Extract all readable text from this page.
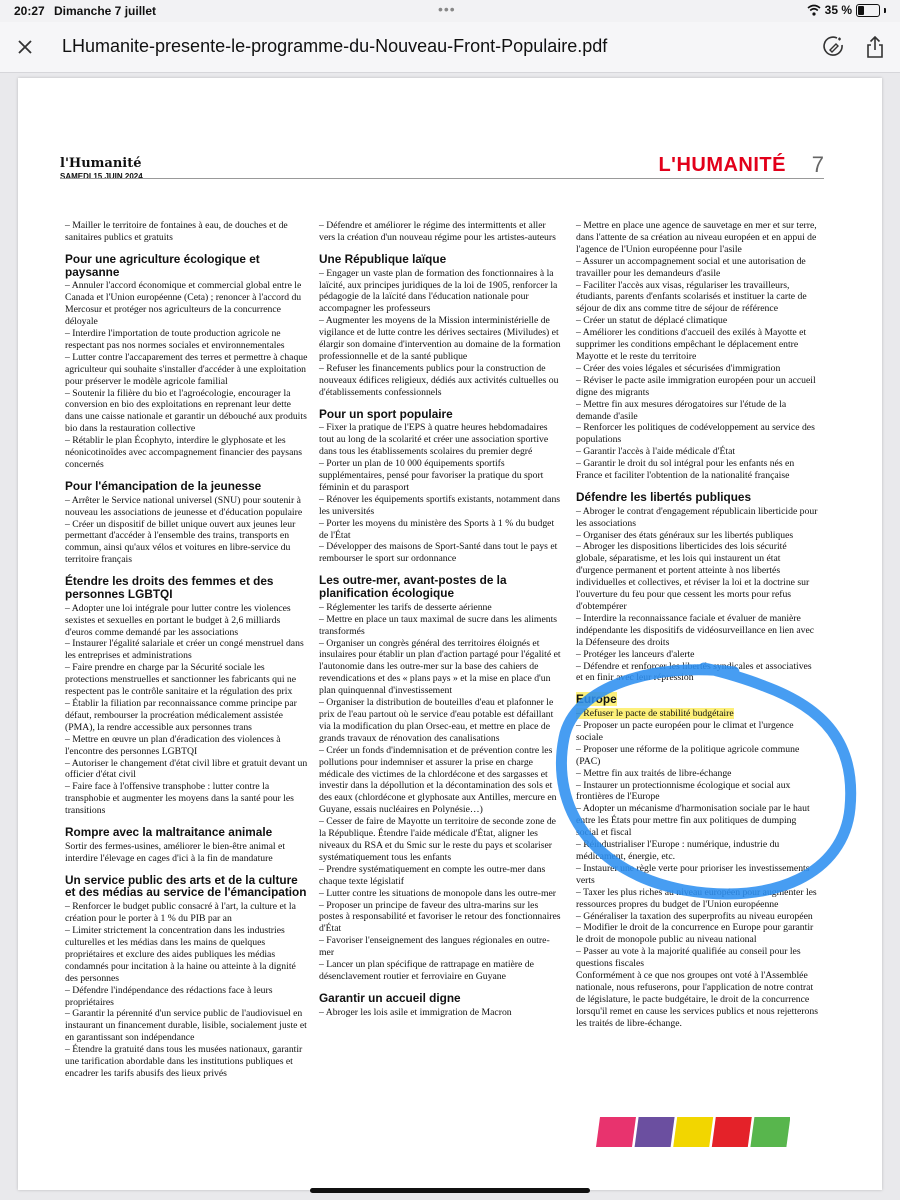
20:27 Dimanche 7 juillet	•••	35 %
LHumanite-presente-le-programme-du-Nouveau-Front-Populaire.pdf
l'Humanité
SAMEDI 15 JUIN 2024
L'HUMANITÉ 7

– Mailler le territoire de fontaines à eau, de douches et de sanitaires publics et gratuits

Pour une agriculture écologique et paysanne

– Annuler l'accord économique et commercial global entre le Canada et l'Union européenne (Ceta) ; renoncer à l'accord du Mercosur et protéger nos agriculteurs de la concurrence déloyale

– Interdire l'importation de toute production agricole ne respectant pas nos normes sociales et environnementales

– Lutter contre l'accaparement des terres et permettre à chaque agriculteur qui souhaite s'installer d'accéder à une exploitation pour préserver le modèle agricole familial

– Soutenir la filière du bio et l'agroécologie, encourager la conversion en bio des exploitations en reprenant leur dette dans une caisse nationale et garantir un débouché aux produits bio dans la restauration collective

– Rétablir le plan Écophyto, interdire le glyphosate et les néonicotinoïdes avec accompagnement financier des paysans concernés

Pour l'émancipation de la jeunesse

– Arrêter le Service national universel (SNU) pour soutenir à nouveau les associations de jeunesse et d'éducation populaire

– Créer un dispositif de billet unique ouvert aux jeunes leur permettant d'accéder à l'ensemble des trains, transports en commun, ainsi qu'aux vélos et voitures en libre-service du territoire français

Étendre les droits des femmes et des personnes LGBTQI

– Adopter une loi intégrale pour lutter contre les violences sexistes et sexuelles en portant le budget à 2,6 milliards d'euros comme demandé par les associations

– Instaurer l'égalité salariale et créer un congé menstruel dans les entreprises et administrations

– Faire prendre en charge par la Sécurité sociale les protections menstruelles et sanctionner les fabricants qui ne respectent pas le contrôle sanitaire et la régulation des prix

– Établir la filiation par reconnaissance comme principe par défaut, rembourser la procréation médicalement assistée (PMA), la rendre accessible aux personnes trans

– Mettre en œuvre un plan d'éradication des violences à l'encontre des personnes LGBTQI

– Autoriser le changement d'état civil libre et gratuit devant un officier d'état civil

– Faire face à l'offensive transphobe : lutter contre la transphobie et augmenter les moyens dans la santé pour les transitions

Rompre avec la maltraitance animale

Sortir des fermes-usines, améliorer le bien-être animal et interdire l'élevage en cages d'ici à la fin de mandature

Un service public des arts et de la culture et des médias au service de l'émancipation

– Renforcer le budget public consacré à l'art, la culture et la création pour le porter à 1 % du PIB par an

– Limiter strictement la concentration dans les industries culturelles et les médias dans les mains de quelques propriétaires et exclure des aides publiques les médias condamnés pour incitation à la haine ou atteinte à la dignité des personnes

– Défendre l'indépendance des rédactions face à leurs propriétaires

– Garantir la pérennité d'un service public de l'audiovisuel en instaurant un financement durable, lisible, socialement juste et en garantissant son indépendance

– Étendre la gratuité dans tous les musées nationaux, garantir une tarification abordable dans les institutions publiques et encadrer les tarifs abusifs des lieux privés

– Défendre et améliorer le régime des intermittents et aller vers la création d'un nouveau régime pour les artistes-auteurs

Une République laïque

– Engager un vaste plan de formation des fonctionnaires à la laïcité, aux principes juridiques de la loi de 1905, renforcer la pédagogie de la laïcité dans l'éducation nationale pour accompagner les professeurs

– Augmenter les moyens de la Mission interministérielle de vigilance et de lutte contre les dérives sectaires (Miviludes) et élargir son domaine d'intervention au domaine de la formation professionnelle et de la santé publique

– Refuser les financements publics pour la construction de nouveaux édifices religieux, dédiés aux activités cultuelles ou d'établissements confessionnels

Pour un sport populaire

– Fixer la pratique de l'EPS à quatre heures hebdomadaires tout au long de la scolarité et créer une association sportive dans tous les établissements scolaires du premier degré

– Porter un plan de 10 000 équipements sportifs supplémentaires, pensé pour favoriser la pratique du sport féminin et du parasport

– Rénover les équipements sportifs existants, notamment dans les universités

– Porter les moyens du ministère des Sports à 1 % du budget de l'État

– Développer des maisons de Sport-Santé dans tout le pays et rembourser le sport sur ordonnance

Les outre-mer, avant-postes de la planification écologique

– Réglementer les tarifs de desserte aérienne

– Mettre en place un taux maximal de sucre dans les aliments transformés

– Organiser un congrès général des territoires éloignés et insulaires pour établir un plan d'action partagé pour l'égalité et l'autonomie dans les outre-mer sur la base des cahiers de revendications et des « plans pays » et la mise en place d'un plan quinquennal d'investissement

– Organiser la distribution de bouteilles d'eau et plafonner le prix de l'eau partout où le service d'eau potable est défaillant via la modification du plan Orsec-eau, et mettre en place de grands travaux de rénovation des canalisations

– Créer un fonds d'indemnisation et de prévention contre les pollutions pour indemniser et assurer la prise en charge médicale des victimes de la chlordécone et des sargasses et investir dans la dépollution et la décontamination des sols et des eaux (chlordécone et glyphosate aux Antilles, mercure en Guyane, essais nucléaires en Polynésie…)

– Cesser de faire de Mayotte un territoire de seconde zone de la République. Étendre l'aide médicale d'État, aligner les niveaux du RSA et du Smic sur le reste du pays et scolariser systématiquement tous les enfants

– Prendre systématiquement en compte les outre-mer dans chaque texte législatif

– Lutter contre les situations de monopole dans les outre-mer

– Proposer un principe de faveur des ultra-marins sur les postes à responsabilité et favoriser le retour des fonctionnaires d'État

– Favoriser l'enseignement des langues régionales en outre-mer

– Lancer un plan spécifique de rattrapage en matière de désenclavement routier et ferroviaire en Guyane

Garantir un accueil digne

– Abroger les lois asile et immigration de Macron

– Mettre en place une agence de sauvetage en mer et sur terre, dans l'attente de sa création au niveau européen et en appui de l'agence de l'Union européenne pour l'asile

– Assurer un accompagnement social et une autorisation de travailler pour les demandeurs d'asile

– Faciliter l'accès aux visas, régulariser les travailleurs, étudiants, parents d'enfants scolarisés et instituer la carte de séjour de dix ans comme titre de séjour de référence

– Créer un statut de déplacé climatique

– Améliorer les conditions d'accueil des exilés à Mayotte et supprimer les conditions empêchant le déplacement entre Mayotte et le reste du territoire

– Créer des voies légales et sécurisées d'immigration

– Réviser le pacte asile immigration européen pour un accueil digne des migrants

– Mettre fin aux mesures dérogatoires sur l'étude de la demande d'asile

– Renforcer les politiques de codéveloppement au service des populations

– Garantir l'accès à l'aide médicale d'État

– Garantir le droit du sol intégral pour les enfants nés en France et faciliter l'obtention de la nationalité française

Défendre les libertés publiques

– Abroger le contrat d'engagement républicain liberticide pour les associations

– Organiser des états généraux sur les libertés publiques

– Abroger les dispositions liberticides des lois sécurité globale, séparatisme, et les lois qui instaurent un état d'urgence permanent et portent atteinte à nos libertés individuelles et collectives, et réviser la loi et la doctrine sur l'ouverture du feu pour que cessent les morts pour refus d'obtempérer

– Interdire la reconnaissance faciale et évaluer de manière indépendante les dispositifs de vidéosurveillance en lien avec la Défenseure des droits

– Protéger les lanceurs d'alerte

– Défendre et renforcer les libertés syndicales et associatives et en finir avec leur répression

Europe

– Refuser le pacte de stabilité budgétaire

– Proposer un pacte européen pour le climat et l'urgence sociale

– Proposer une réforme de la politique agricole commune (PAC)

– Mettre fin aux traités de libre-échange

– Instaurer un protectionnisme écologique et social aux frontières de l'Europe

– Adopter un mécanisme d'harmonisation sociale par le haut entre les États pour mettre fin aux politiques de dumping social et fiscal

– Réindustrialiser l'Europe : numérique, industrie du médicament, énergie, etc.

– Instaurer une règle verte pour prioriser les investissements verts

– Taxer les plus riches au niveau européen pour augmenter les ressources propres du budget de l'Union européenne

– Généraliser la taxation des superprofits au niveau européen

– Modifier le droit de la concurrence en Europe pour garantir le droit de monopole public au niveau national

– Passer au vote à la majorité qualifiée au conseil pour les questions fiscales

Conformément à ce que nos groupes ont voté à l'Assemblée nationale, nous refuserons, pour l'application de notre contrat de législature, le pacte budgétaire, le droit de la concurrence lorsqu'il remet en cause les services publics et nous rejetterons les traités de libre-échange.
